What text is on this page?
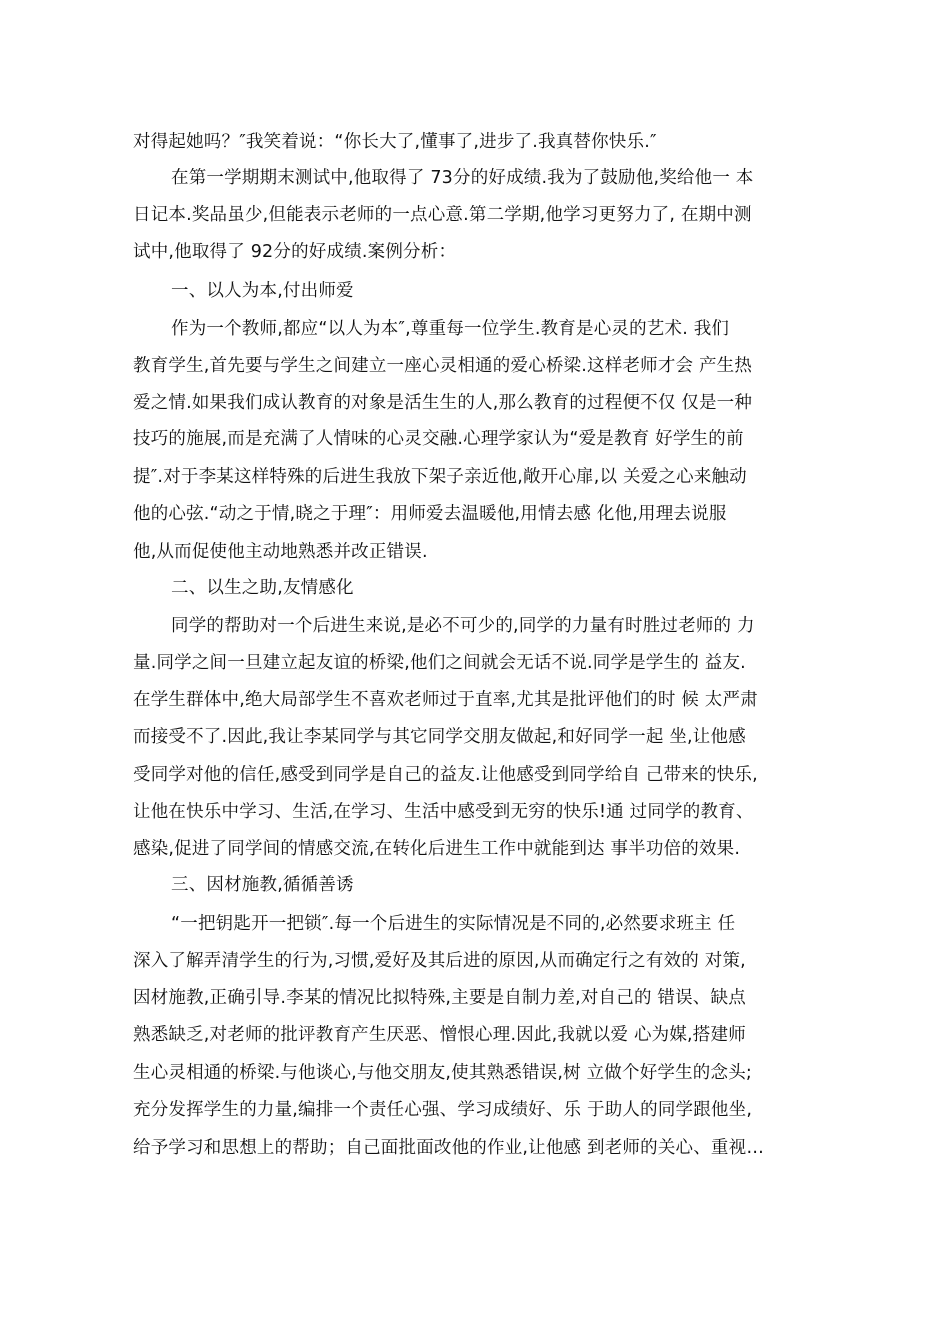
对得起她吗？″我笑着说：“你长大了,懂事了,进步了.我真替你快乐.″
在第一学期期末测试中,他取得了 73分的好成绩.我为了鼓励他,奖给他一 本
日记本.奖品虽少,但能表示老师的一点心意.第二学期,他学习更努力了, 在期中测
试中,他取得了 92分的好成绩.案例分析：
一、以人为本,付出师爱
作为一个教师,都应“以人为本″,尊重每一位学生.教育是心灵的艺术. 我们
教育学生,首先要与学生之间建立一座心灵相通的爱心桥梁.这样老师才会 产生热
爱之情.如果我们成认教育的对象是活生生的人,那么教育的过程便不仅 仅是一种
技巧的施展,而是充满了人情味的心灵交融.心理学家认为“爱是教育 好学生的前
提″.对于李某这样特殊的后进生我放下架子亲近他,敞开心扉,以 关爱之心来触动
他的心弦.“动之于情,晓之于理″：用师爱去温暖他,用情去感 化他,用理去说服
他,从而促使他主动地熟悉并改正错误.
二、以生之助,友情感化
同学的帮助对一个后进生来说,是必不可少的,同学的力量有时胜过老师的 力
量.同学之间一旦建立起友谊的桥梁,他们之间就会无话不说.同学是学生的 益友.
在学生群体中,绝大局部学生不喜欢老师过于直率,尤其是批评他们的时 候 太严肃
而接受不了.因此,我让李某同学与其它同学交朋友做起,和好同学一起 坐,让他感
受同学对他的信任,感受到同学是自己的益友.让他感受到同学给自 己带来的快乐,
让他在快乐中学习、生活,在学习、生活中感受到无穷的快乐!通 过同学的教育、
感染,促进了同学间的情感交流,在转化后进生工作中就能到达 事半功倍的效果.
三、因材施教,循循善诱
“一把钥匙开一把锁″.每一个后进生的实际情况是不同的,必然要求班主 任
深入了解弄清学生的行为,习惯,爱好及其后进的原因,从而确定行之有效的 对策,
因材施教,正确引导.李某的情况比拟特殊,主要是自制力差,对自己的 错误、缺点
熟悉缺乏,对老师的批评教育产生厌恶、憎恨心理.因此,我就以爱 心为媒,搭建师
生心灵相通的桥梁.与他谈心,与他交朋友,使其熟悉错误,树 立做个好学生的念头;
充分发挥学生的力量,编排一个责任心强、学习成绩好、乐 于助人的同学跟他坐,
给予学习和思想上的帮助；自己面批面改他的作业,让他感 到老师的关心、重视…
